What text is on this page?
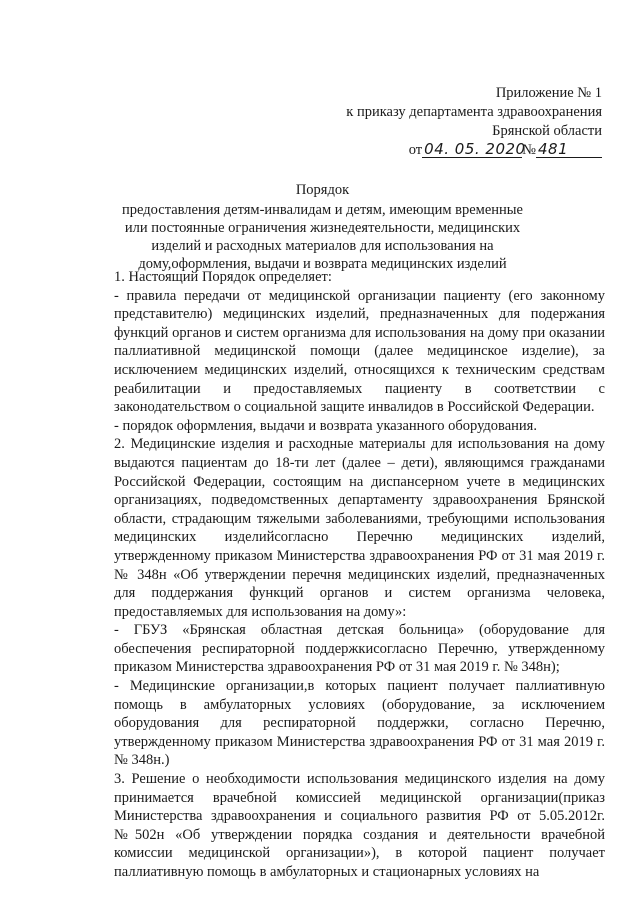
Приложение № 1
к приказу департамента здравоохранения
Брянской области
от 04. 05. 2020№ 481
Порядок
предоставления детям-инвалидам и детям, имеющим временные или постоянные ограничения жизнедеятельности, медицинских изделий и расходных материалов для использования на дому,оформления, выдачи и возврата медицинских изделий

1. Настоящий Порядок определяет:

- правила передачи от медицинской организации пациенту (его законному представителю) медицинских изделий, предназначенных для подержания функций органов и систем организма для использования на дому при оказании паллиативной медицинской помощи (далее медицинское изделие), за исключением медицинских изделий, относящихся к техническим средствам реабилитации и предоставляемых пациенту в соответствии с законодательством о социальной защите инвалидов в Российской Федерации.

- порядок оформления, выдачи и возврата указанного оборудования.

2. Медицинские изделия и расходные материалы для использования на дому выдаются пациентам до 18-ти лет (далее – дети), являющимся гражданами Российской Федерации, состоящим на диспансерном учете в медицинских организациях, подведомственных департаменту здравоохранения Брянской области, страдающим тяжелыми заболеваниями, требующими использования медицинских изделийсогласно Перечню медицинских изделий, утвержденному приказом Министерства здравоохранения РФ от 31 мая 2019 г. № 348н «Об утверждении перечня медицинских изделий, предназначенных для поддержания функций органов и систем организма человека, предоставляемых для использования на дому»:

- ГБУЗ «Брянская областная детская больница» (оборудование для обеспечения респираторной поддержкисогласно Перечню, утвержденному приказом Министерства здравоохранения РФ от 31 мая 2019 г. № 348н);

- Медицинские организации,в которых пациент получает паллиативную помощь в амбулаторных условиях (оборудование, за исключением оборудования для респираторной поддержки, согласно Перечню, утвержденному приказом Министерства здравоохранения РФ от 31 мая 2019 г. № 348н.)

3. Решение о необходимости использования медицинского изделия на дому принимается врачебной комиссией медицинской организации(приказ Министерства здравоохранения и социального развития РФ от 5.05.2012г. №502н «Об утверждении порядка создания и деятельности врачебной комиссии медицинской организации»), в которой пациент получает паллиативную помощь в амбулаторных и стационарных условиях на
